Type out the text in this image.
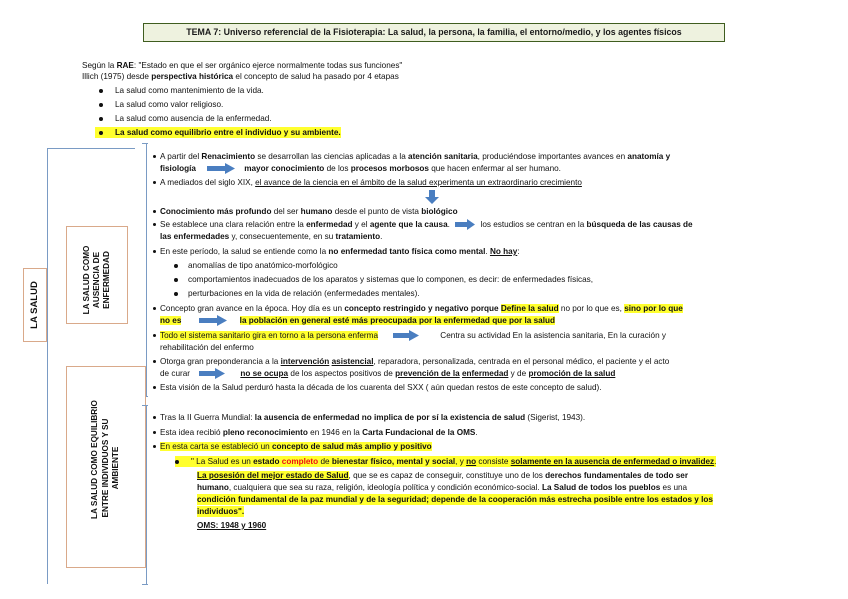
TEMA 7: Universo referencial de la Fisioterapia: La salud, la persona, la familia, el entorno/medio, y los agentes físicos
Según la RAE: "Estado en que el ser orgánico ejerce normalmente todas sus funciones"
Illich (1975) desde perspectiva histórica el concepto de salud ha pasado por 4 etapas
La salud como mantenimiento de la vida.
La salud como valor religioso.
La salud como ausencia de la enfermedad.
La salud como equilibrio entre el individuo y su ambiente.
LA SALUD	LA SALUD COMO
AUSENCIA DE
ENFERMEDAD
LA SALUD COMO EQUILIBRIO ENTRE INDIVIDUOS Y SU AMBIENTE
A partir del Renacimiento se desarrollan las ciencias aplicadas a la atención sanitaria, produciéndose importantes avances en anatomía y
fisiología	mayor conocimiento de los procesos morbosos que hacen enfermar al ser humano.
A mediados del siglo XIX, el avance de la ciencia en el ámbito de la salud experimenta un extraordinario crecimiento
Conocimiento más profundo del ser humano desde el punto de vista biológico
Se establece una clara relación entre la enfermedad y el agente que la causa.	los estudios se centran en la búsqueda de las causas de
las enfermedades y, consecuentemente, en su tratamiento.
En este período, la salud se entiende como la no enfermedad tanto física como mental. No hay:
anomalías de tipo anatómico-morfológico
comportamientos inadecuados de los aparatos y sistemas que lo componen, es decir: de enfermedades físicas,
perturbaciones en la vida de relación (enfermedades mentales).
Concepto gran avance en la época. Hoy día es un concepto restringido y negativo porque Define la salud no por lo que es, sino por lo que
no es	la población en general esté más preocupada por la enfermedad que por la salud
Todo el sistema sanitario gira en torno a la persona enferma	Centra su actividad En la asistencia sanitaria, En la curación y
rehabilitación del enfermo
Otorga gran preponderancia a la intervención asistencial, reparadora, personalizada, centrada en el personal médico, el paciente y el acto
de curar	no se ocupa de los aspectos positivos de prevención de la enfermedad y de promoción de la salud
Esta visión de la Salud perduró hasta la década de los cuarenta del SXX ( aún quedan restos de este concepto de salud).
Tras la II Guerra Mundial: la ausencia de enfermedad no implica de por sí la existencia de salud (Sigerist, 1943).
Esta idea recibió pleno reconocimiento en 1946 en la Carta Fundacional de la OMS.
En esta carta se estableció un concepto de salud más amplio y positivo
" La Salud es un estado completo de bienestar físico, mental y social, y no consiste solamente en la ausencia de enfermedad o invalidez.
La posesión del mejor estado de Salud, que se es capaz de conseguir, constituye uno de los derechos fundamentales de todo ser
humano, cualquiera que sea su raza, religión, ideología política y condición económico-social. La Salud de todos los pueblos es una
condición fundamental de la paz mundial y de la seguridad; depende de la cooperación más estrecha posible entre los estados y los
individuos".
OMS: 1948 y 1960
